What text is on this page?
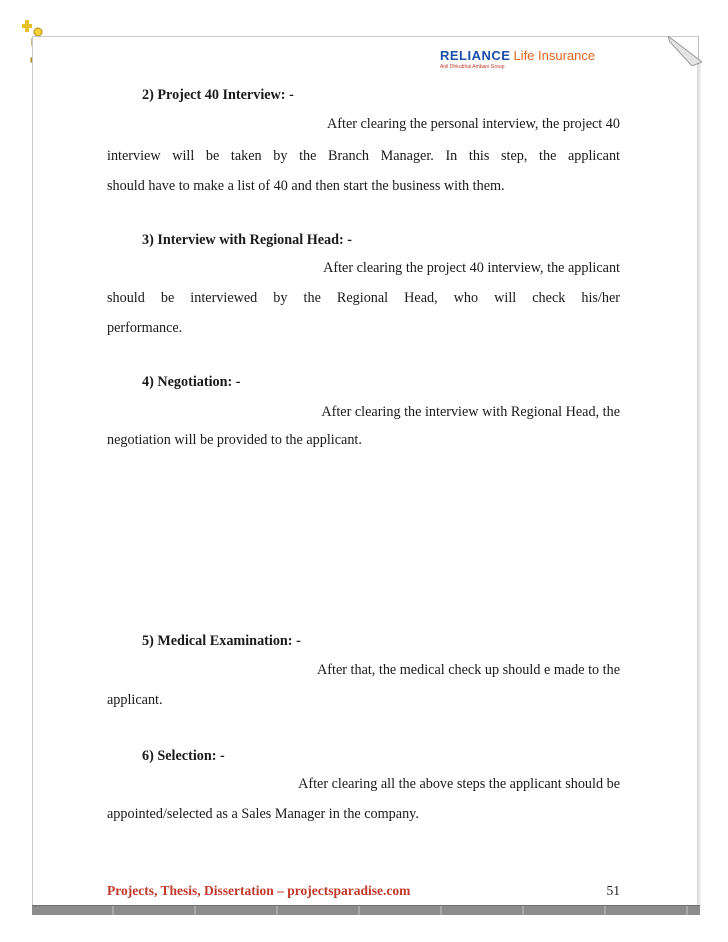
RELIANCE Life Insurance
Anil Dhirubhai Ambani Group
2) Project 40 Interview: -
After clearing the personal interview, the project 40
interview will be taken by the Branch Manager. In this step, the applicant
should have to make a list of 40 and then start the business with them.
3) Interview with Regional Head: -
After clearing the project 40 interview, the applicant
should be interviewed by the Regional Head, who will check his/her
performance.
4) Negotiation: -
After clearing the interview with Regional Head, the
negotiation will be provided to the applicant.
5) Medical Examination: -
After that, the medical check up should e made to the
applicant.
6) Selection: -
After clearing all the above steps the applicant should be
appointed/selected as a Sales Manager in the company.
Projects, Thesis, Dissertation – projectsparadise.com	51
